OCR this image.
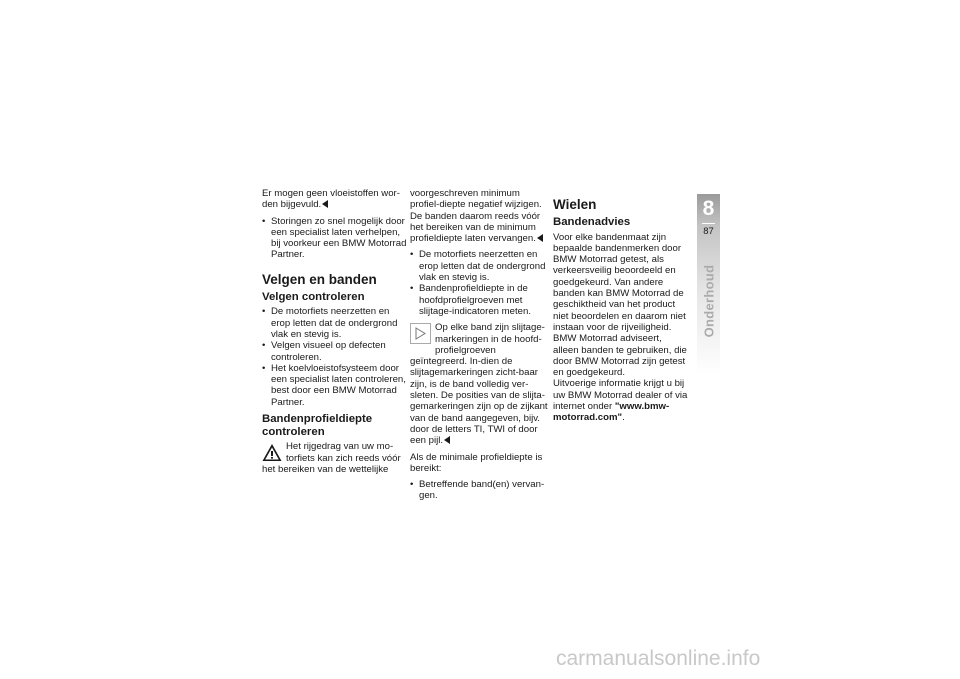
Er mogen geen vloeistoffen wor-den bijgevuld.

• Storingen zo snel mogelijk door een specialist laten verhelpen, bij voorkeur een BMW Motorrad Partner.
Velgen en banden
Velgen controleren
• De motorfiets neerzetten en erop letten dat de ondergrond vlak en stevig is.
• Velgen visueel op defecten controleren.
• Het koelvloeistofsysteem door een specialist laten controleren, best door een BMW Motorrad Partner.
Bandenprofieldiepte controleren

Het rijgedrag van uw mo-torfiets kan zich reeds vóór het bereiken van de wettelijke

voorgeschreven minimum profiel-diepte negatief wijzigen. De banden daarom reeds vóór het bereiken van de minimum profieldiepte laten vervangen.

• De motorfiets neerzetten en erop letten dat de ondergrond vlak en stevig is.
• Bandenprofieldiepte in de hoofdprofielgroeven met slijtage-indicatoren meten.

Op elke band zijn slijtage-markeringen in de hoofd-profielgroeven geïntegreerd. In-dien de slijtagemarkeringen zicht-baar zijn, is de band volledig ver-sleten. De posities van de slijta-gemarkeringen zijn op de zijkant van de band aangegeven, bijv. door de letters TI, TWI of door een pijl.

Als de minimale profieldiepte is bereikt:

• Betreffende band(en) vervan-gen.
Wielen
Bandenadvies

Voor elke bandenmaat zijn bepaalde bandenmerken door BMW Motorrad getest, als verkeersveilig beoordeeld en goedgekeurd. Van andere banden kan BMW Motorrad de geschiktheid van het product niet beoordelen en daarom niet instaan voor de rijveiligheid.

BMW Motorrad adviseert, alleen banden te gebruiken, die door BMW Motorrad zijn getest en goedgekeurd.

Uitvoerige informatie krijgt u bij uw BMW Motorrad dealer of via internet onder "www.bmw-motorrad.com".

8
87
Onderhoud
carmanualsonline.info
